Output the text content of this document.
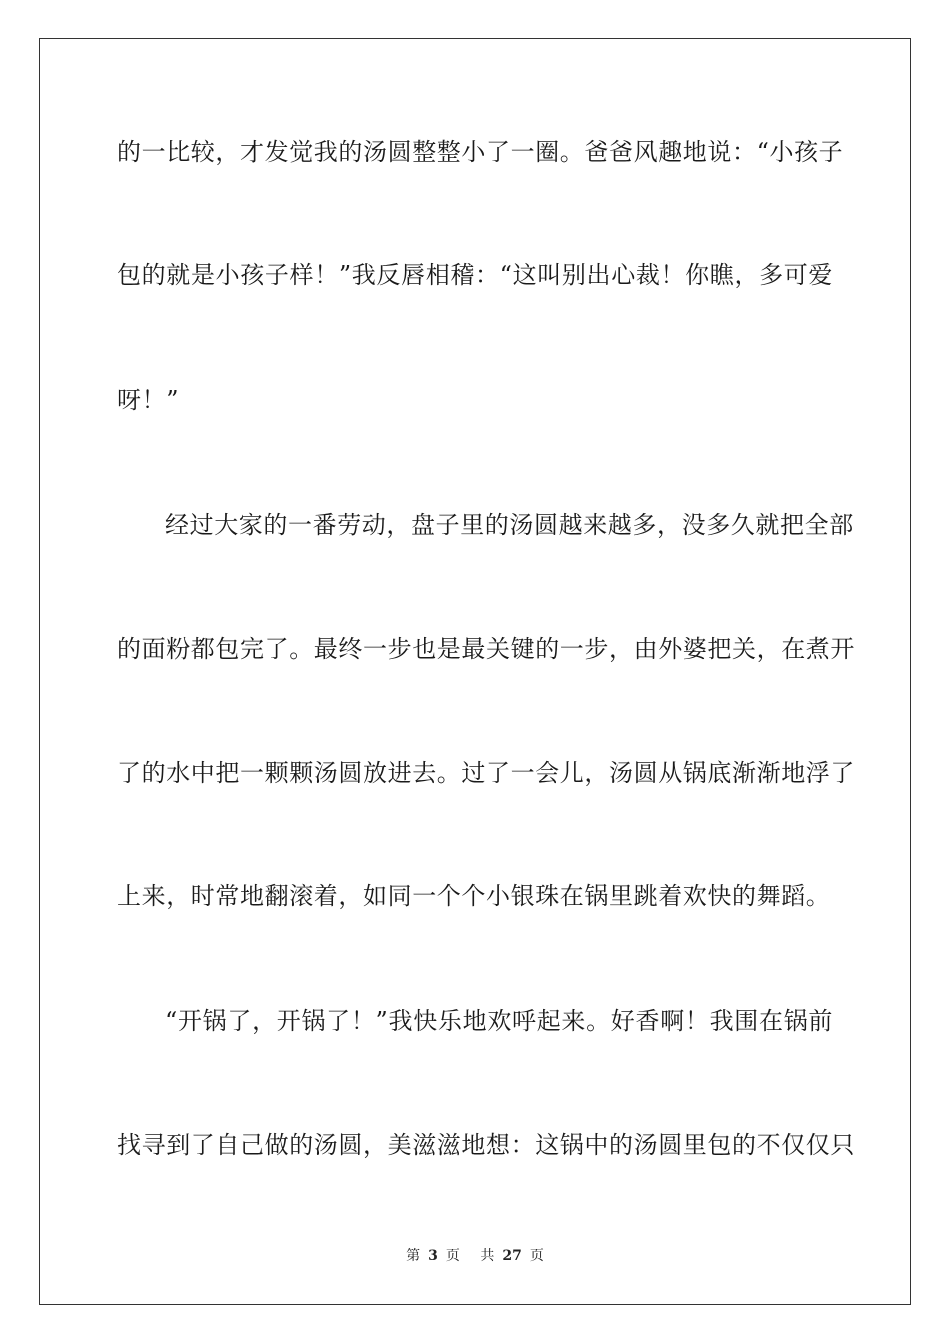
的一比较，才发觉我的汤圆整整小了一圈。爸爸风趣地说：“小孩子
包的就是小孩子样！”我反唇相稽：“这叫别出心裁！你瞧，多可爱
呀！”
经过大家的一番劳动，盘子里的汤圆越来越多，没多久就把全部
的面粉都包完了。最终一步也是最关键的一步，由外婆把关，在煮开
了的水中把一颗颗汤圆放进去。过了一会儿，汤圆从锅底渐渐地浮了
上来，时常地翻滚着，如同一个个小银珠在锅里跳着欢快的舞蹈。
“开锅了，开锅了！”我快乐地欢呼起来。好香啊！我围在锅前
找寻到了自己做的汤圆，美滋滋地想：这锅中的汤圆里包的不仅仅只
第 3 页 共 27 页
